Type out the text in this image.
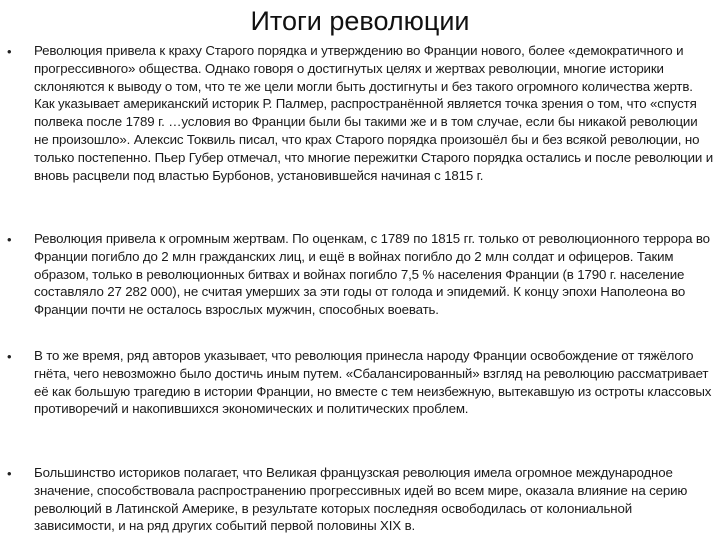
Итоги революции
• Революция привела к краху Старого порядка и утверждению во Франции нового, более «демократичного и прогрессивного» общества. Однако говоря о достигнутых целях и жертвах революции, многие историки склоняются к выводу о том, что те же цели могли быть достигнуты и без такого огромного количества жертв. Как указывает американский историк Р. Палмер, распространённой является точка зрения о том, что «спустя полвека после 1789 г. …условия во Франции были бы такими же и в том случае, если бы никакой революции не произошло». Алексис Токвиль писал, что крах Старого порядка произошёл бы и без всякой революции, но только постепенно. Пьер Губер отмечал, что многие пережитки Старого порядка остались и после революции и вновь расцвели под властью Бурбонов, установившейся начиная с 1815 г.
• Революция привела к огромным жертвам. По оценкам, с 1789 по 1815 гг. только от революционного террора во Франции погибло до 2 млн гражданских лиц, и ещё в войнах погибло до 2 млн солдат и офицеров. Таким образом, только в революционных битвах и войнах погибло 7,5 % населения Франции (в 1790 г. население составляло 27 282 000), не считая умерших за эти годы от голода и эпидемий. К концу эпохи Наполеона во Франции почти не осталось взрослых мужчин, способных воевать.
• В то же время, ряд авторов указывает, что революция принесла народу Франции освобождение от тяжёлого гнёта, чего невозможно было достичь иным путем. «Сбалансированный» взгляд на революцию рассматривает её как большую трагедию в истории Франции, но вместе с тем неизбежную, вытекавшую из остроты классовых противоречий и накопившихся экономических и политических проблем.
• Большинство историков полагает, что Великая французская революция имела огромное международное значение, способствовала распространению прогрессивных идей во всем мире, оказала влияние на серию революций в Латинской Америке, в результате которых последняя освободилась от колониальной зависимости, и на ряд других событий первой половины XIX в.
